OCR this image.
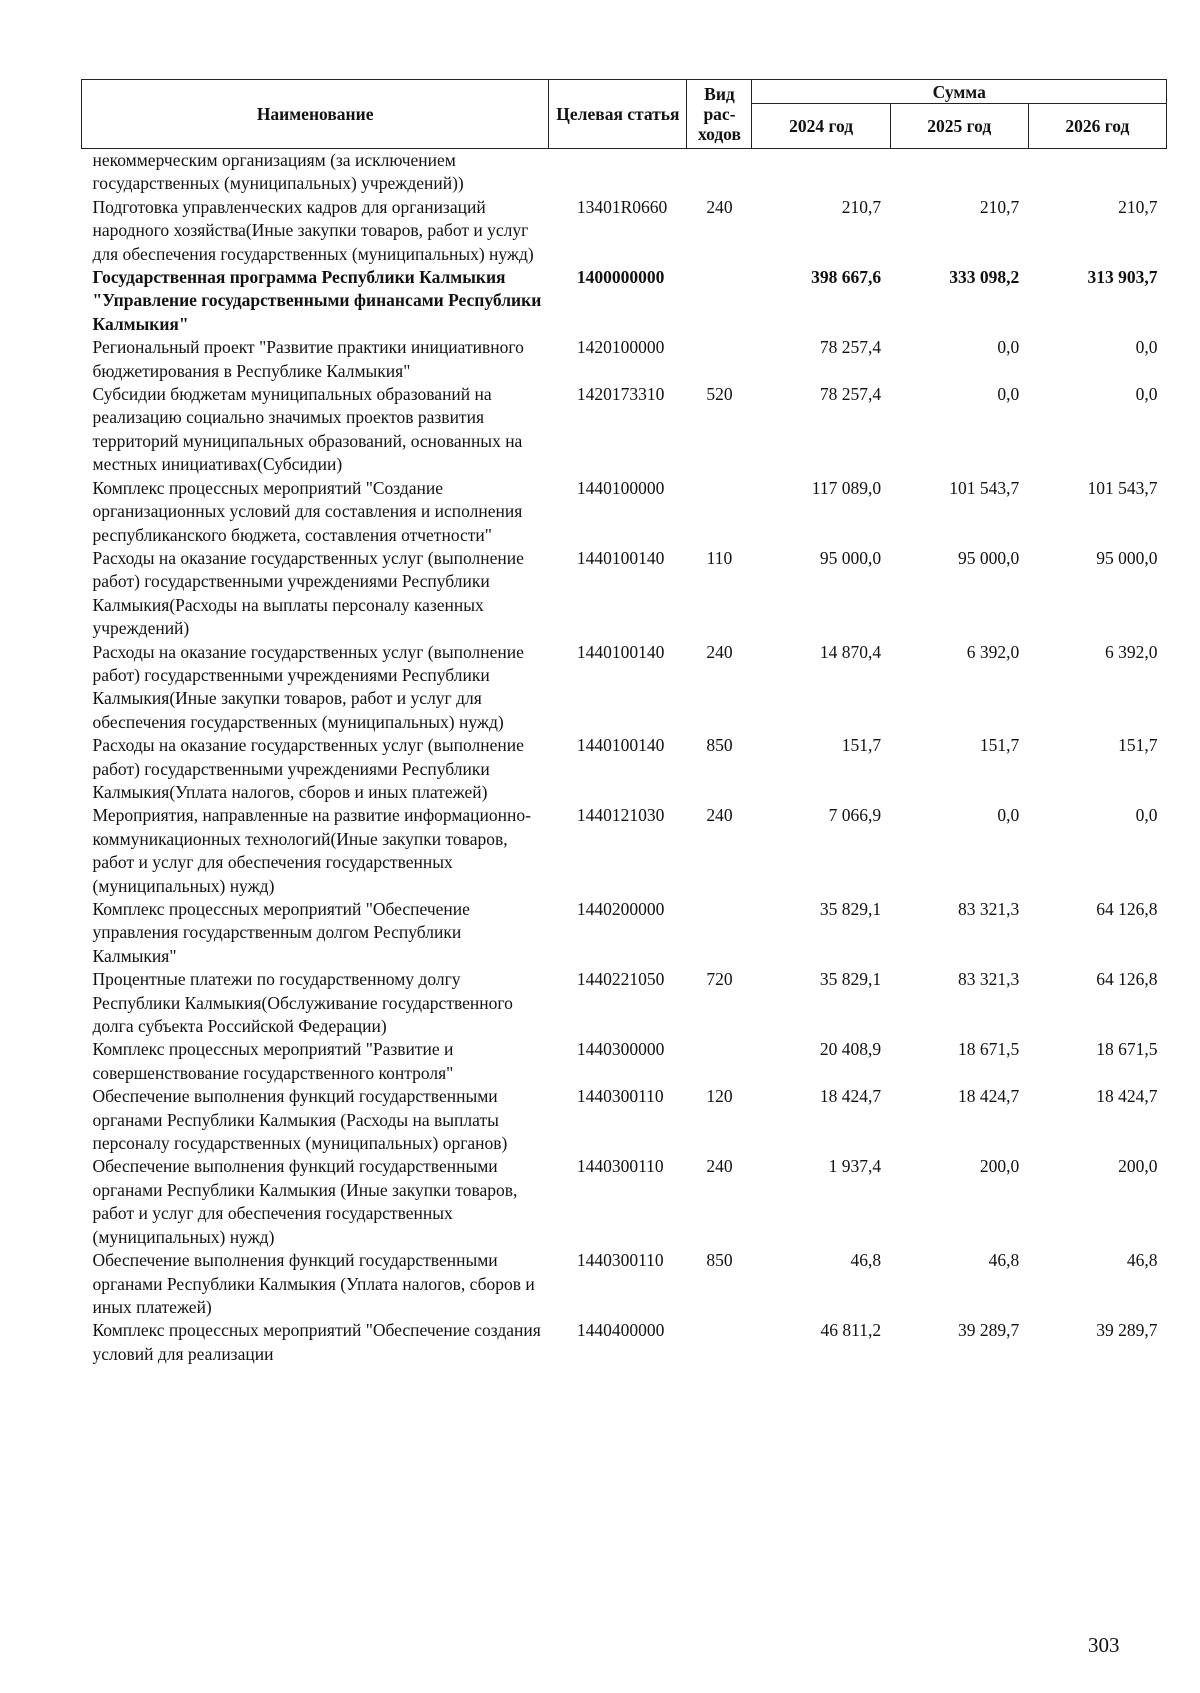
Наименование	Целевая статья	Вид рас-ходов	Сумма		
			2024 год	2025 год	2026 год
некоммерческим организациям (за исключением государственных (муниципальных) учреждений))					
Подготовка управленческих кадров для организаций народного хозяйства(Иные закупки товаров, работ и услуг для обеспечения государственных (муниципальных) нужд)	13401R0660	240	210,7	210,7	210,7
Государственная программа Республики Калмыкия "Управление государственными финансами Республики Калмыкия"	1400000000		398 667,6	333 098,2	313 903,7
Региональный проект "Развитие практики инициативного бюджетирования в Республике Калмыкия"	1420100000		78 257,4	0,0	0,0
Субсидии бюджетам муниципальных образований на реализацию социально значимых проектов развития территорий муниципальных образований, основанных на местных инициативах(Субсидии)	1420173310	520	78 257,4	0,0	0,0
Комплекс процессных мероприятий "Создание организационных условий для составления и исполнения республиканского бюджета, составления отчетности"	1440100000		117 089,0	101 543,7	101 543,7
Расходы на оказание государственных услуг (выполнение работ) государственными учреждениями Республики Калмыкия(Расходы на выплаты персоналу казенных учреждений)	1440100140	110	95 000,0	95 000,0	95 000,0
Расходы на оказание государственных услуг (выполнение работ) государственными учреждениями Республики Калмыкия(Иные закупки товаров, работ и услуг для обеспечения государственных (муниципальных) нужд)	1440100140	240	14 870,4	6 392,0	6 392,0
Расходы на оказание государственных услуг (выполнение работ) государственными учреждениями Республики Калмыкия(Уплата налогов, сборов и иных платежей)	1440100140	850	151,7	151,7	151,7
Мероприятия, направленные на развитие информационно-коммуникационных технологий(Иные закупки товаров, работ и услуг для обеспечения государственных (муниципальных) нужд)	1440121030	240	7 066,9	0,0	0,0
Комплекс процессных мероприятий "Обеспечение управления государственным долгом Республики Калмыкия"	1440200000		35 829,1	83 321,3	64 126,8
Процентные платежи по государственному долгу Республики Калмыкия(Обслуживание государственного долга субъекта Российской Федерации)	1440221050	720	35 829,1	83 321,3	64 126,8
Комплекс процессных мероприятий "Развитие и совершенствование государственного контроля"	1440300000		20 408,9	18 671,5	18 671,5
Обеспечение выполнения функций государственными органами Республики Калмыкия (Расходы на выплаты персоналу государственных (муниципальных) органов)	1440300110	120	18 424,7	18 424,7	18 424,7
Обеспечение выполнения функций государственными органами Республики Калмыкия (Иные закупки товаров, работ и услуг для обеспечения государственных (муниципальных) нужд)	1440300110	240	1 937,4	200,0	200,0
Обеспечение выполнения функций государственными органами Республики Калмыкия (Уплата налогов, сборов и иных платежей)	1440300110	850	46,8	46,8	46,8
Комплекс процессных мероприятий "Обеспечение создания условий для реализации	1440400000		46 811,2	39 289,7	39 289,7
303
